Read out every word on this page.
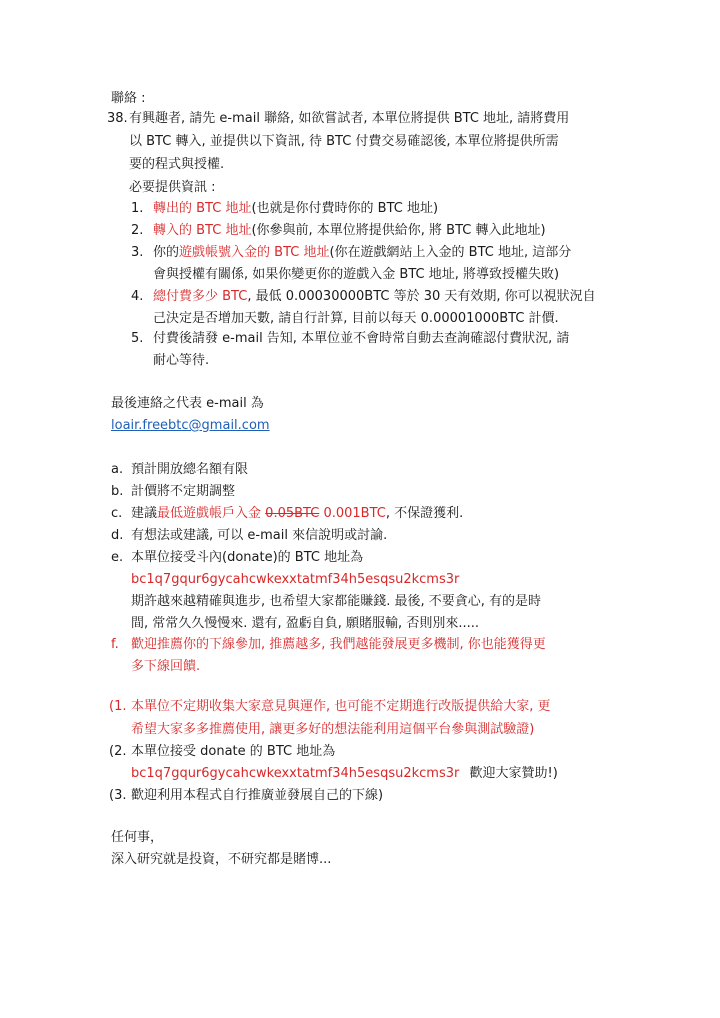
聯絡 :
38. 有興趣者, 請先 e-mail 聯絡, 如欲嘗試者, 本單位將提供 BTC 地址, 請將費用
以 BTC 轉入, 並提供以下資訊, 待 BTC 付費交易確認後, 本單位將提供所需
要的程式與授權.
必要提供資訊 :
1. 轉出的 BTC 地址(也就是你付費時你的 BTC 地址)
2. 轉入的 BTC 地址(你參與前, 本單位將提供給你, 將 BTC 轉入此地址)
3. 你的遊戲帳號入金的 BTC 地址(你在遊戲網站上入金的 BTC 地址, 這部分
會與授權有關係, 如果你變更你的遊戲入金 BTC 地址, 將導致授權失敗)
4. 總付費多少 BTC, 最低 0.00030000BTC 等於 30 天有效期, 你可以視狀況自
己決定是否增加天數, 請自行計算, 目前以每天 0.00001000BTC 計價.
5. 付費後請發 e-mail 告知, 本單位並不會時常自動去查詢確認付費狀況, 請
耐心等待.
最後連絡之代表 e-mail 為
loair.freebtc@gmail.com
a. 預計開放總名額有限
b. 計價將不定期調整
c. 建議最低遊戲帳戶入金 0.05BTC 0.001BTC, 不保證獲利.
d. 有想法或建議, 可以 e-mail 來信說明或討論.
e. 本單位接受斗內(donate)的 BTC 地址為
bc1q7gqur6gycahcwkexxtatmf34h5esqsu2kcms3r
期許越來越精確與進步, 也希望大家都能賺錢. 最後, 不要貪心, 有的是時
間, 常常久久慢慢來. 還有, 盈虧自負, 願賭服輸, 否則別來.....
f. 歡迎推薦你的下線參加, 推薦越多, 我們越能發展更多機制, 你也能獲得更
多下線回饋.
(1. 本單位不定期收集大家意見與運作, 也可能不定期進行改版提供給大家, 更
希望大家多多推薦使用, 讓更多好的想法能利用這個平台參與測試驗證)
(2. 本單位接受 donate 的 BTC 地址為
bc1q7gqur6gycahcwkexxtatmf34h5esqsu2kcms3r 歡迎大家贊助!)
(3. 歡迎利用本程式自行推廣並發展自己的下線)
任何事，
深入研究就是投資，不研究都是賭博...
